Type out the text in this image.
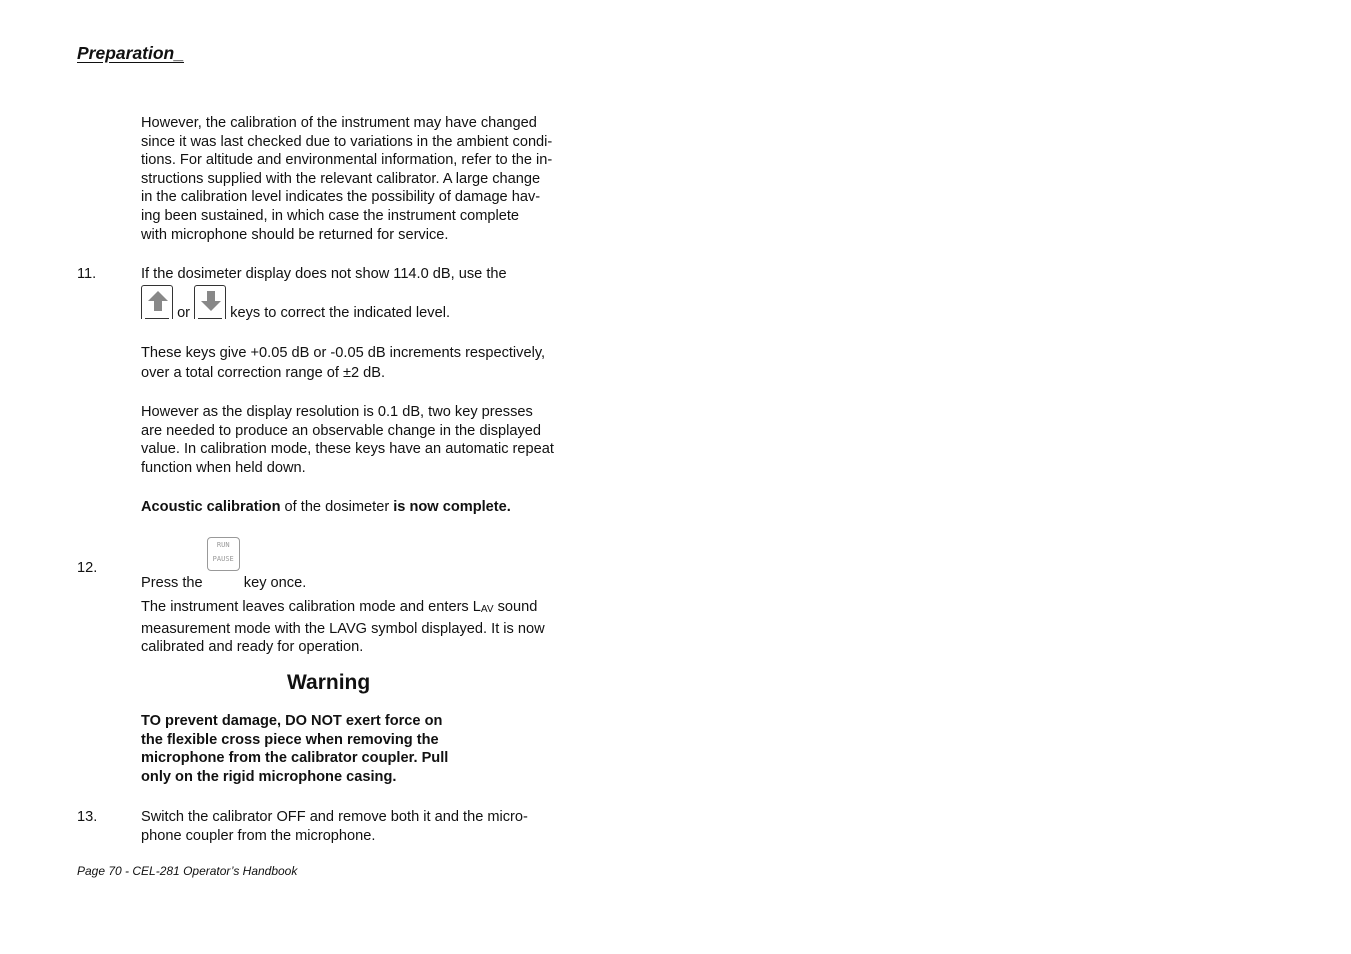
Preparation_
However, the calibration of the instrument may have changed
since it was last checked due to variations in the ambient condi-
tions. For altitude and environmental information, refer to the in-
structions supplied with the relevant calibrator. A large change
in the calibration level indicates the possibility of damage hav-
ing been sustained, in which case the instrument complete
with microphone should be returned for service.
11.	If the dosimeter display does not show 114.0 dB, use the
or	keys to correct the indicated level.
These keys give +0.05 dB or -0.05 dB increments respectively,
over a total correction range of ±2 dB.
However as the display resolution is 0.1 dB, two key presses
are needed to produce an observable change in the displayed
value. In calibration mode, these keys have an automatic repeat
function when held down.
Acoustic calibration of the dosimeter is now complete.
12.
Press the
RUN
PAUSE
key once.
The instrument leaves calibration mode and enters $L_{AV}$ sound
measurement mode with the LAVG symbol displayed. It is now
calibrated and ready for operation.
Warning
TO prevent damage, DO NOT exert force on
the flexible cross piece when removing the
microphone from the calibrator coupler. Pull
only on the rigid microphone casing.
13.	Switch the calibrator OFF and remove both it and the micro-
phone coupler from the microphone.
Page 70 - CEL-281 Operator’s Handbook
